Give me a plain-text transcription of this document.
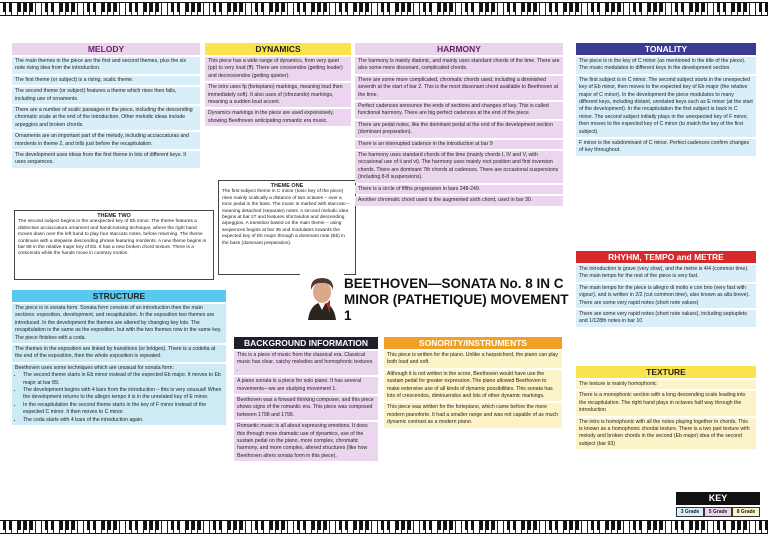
MELODY
The main themes in the piece are the first and second themes, plus the six note rising idea from the introduction.
The first theme (or subject) is a rising, scalic theme.
The second theme (or subject) features a theme which rises then falls, including use of ornaments.
There are a number of scalic passages in the piece, including the descending chromatic scale at the end of the introduction. Other melodic ideas include arpeggios and broken chords.
Ornaments are an important part of the melody, including acciaccaturas and mordents in theme 2, and trills just before the recapitulation.
The development uses ideas from the first theme in lots of different keys. It uses sequences.
THEME TWO
The second subject begins in the unexpected key of Eb minor. The theme features a distinctive acciaccatura ornament and handcrossing technique, where the right hand moves down over the left hand to play four staccato notes, before returning. The theme continues with a stepwise descending phrase featuring mordents. A new theme begins in bar 88 in the relative major key of Eb. It has a new broken chord texture. There is a crescendo while the hands move in contrary motion.
DYNAMICS
This piece has a wide range of dynamics, from very quiet (pp) to very loud (ff). There are crescendos (getting louder) and decrescendos (getting quieter).
The intro uses fp (fortepiano) markings, meaning loud then immediately soft). It also uses sf (sforzando) markings, meaning a sudden loud accent.
Dynamics markings in the piece are used expressively, showing Beethoven anticipating romantic era music.
THEME ONE
The first subject theme in C minor (tonic key of the piece) rises mainly scalically a distance of two octaves – over a tonic pedal in the bass. The music is marked with staccato – meaning detached (separate) notes. A second melodic idea begins at bar 27 and features sforzandos and descending arpeggios. A transition based on the main theme – using sequences begins at bar 35 and modulates towards the expected key of Eb major through a dominant note (Bb) in the bass (dominant preparation).
HARMONY
The harmony is mainly diatonic, and mainly uses standard chords of the time. There are also some more dissonant, complicated chords.
There are some more complicated, chromatic chords used, including a diminished seventh at the start of bar 2. This is the most dissonant chord available to Beethoven at the time.
Perfect cadences announce the ends of sections and changes of key. This is called functional harmony. There are big perfect cadences at the end of the piece.
There are pedal notes, like the dominant pedal at the end of the development section (dominant preparation).
There is an interrupted cadence in the introduction at bar 9
The harmony uses standard chords of the time (mainly chords I, IV and V, with occasional use of ii and vi). The harmony uses mainly root position and first inversion chords. There are dominant 7th chords at cadences. There are occasional suspensions (including 8-8 suspensions).
There is a circle of fifths progression in bars 248-249.
Another chromatic chord used is the augmented sixth chord, used in bar 30.
TONALITY
The piece is in the key of C minor (as mentioned in the title of the piece). The music modulates to different keys in the development section
The first subject is in C minor. The second subject starts in the unexpected key of Eb minor, then moves to the expected key of Eb major (the relative major of C minor). In the development the piece modulates to many different keys, including distant, unrelated keys such as E minor (at the start of the development). In the recapitulation the first subject is back in C minor. The second subject initially plays in the unexpected key of F minor, then moves to the expected key of C minor (to match the key of the first subject).
F minor is the subdominant of C minor. Perfect cadences confirm changes of key throughout.
RHYHM, TEMPO and METRE
The introduction is grave (very slow), and the metre is 4/4 (common time). The main tempo for the rest of the piece is very fast.
The main tempo for the piece is allegro di molto e con brio (very fast with vigour), and is written in 2/2 (cut common time), also known as alla breve). There are some very rapid notes (short note values)
There are some very rapid notes (short note values), including septuplets and 1/128th notes in bar 10
TEXTURE
The texture is mainly homophonic
There is a monophonic section with a long descending scale leading into the recapitulation. The right hand plays in octaves half way through the introduction
The intro is homophonic with all the notes playing together in chords. This is known as a homophonic chordal texture. There is a two part texture with melody and broken chords in the second (Eb major) idea of the second subject (bar 93)
STRUCTURE
The piece is in sonata form. Sonata form consists of an introduction then the main sections: exposition, development, and recapitulation. In the exposition two themes are introduced. In the development the themes are altered by changing key lots. The recapitulation is the same as the exposition, but with the two themes now in the same key. The piece finishes with a coda.
The themes in the exposition are linked by transitions (or bridges). There is a codetta at the end of the exposition, then the whole exposition is repeated.
Beethoven uses some techniques which are unusual for sonata form:
• The second theme starts in Eb minor instead of the expected Eb major. It moves to Eb major at bar 89.
• The development begins with 4 bars from the introduction – this is very unusual! When the development returns to the allegro tempo it is in the unrelated key of E minor.
• In the recapitulation the second theme starts in the key of F minor instead of the expected C minor. It then moves to C minor.
• The coda starts with 4 bars of the introduction again.
BEETHOVEN—SONATA No. 8 IN C MINOR (PATHETIQUE) MOVEMENT 1
BACKGROUND INFORMATION
This is a piece of music from the classical era. Classical music has clear, catchy melodies and homophonic textures .
A piano sonata is a piece for solo piano. It has several movements—we are studying movement 1.
Beethoven was a forward thinking composer, and this piece shows signs of the romantic era. This piece was composed between 1798 and 1799.
Romantic music is all about expressing emotions. It does this through more dramatic use of dynamics, use of the sustain pedal on the piano, more complex, chromatic harmony, and more complex, altered structures (like how Beethoven alters sonata form in this piece).
SONORITY/INSTRUMENTS
This piece is written for the piano. Unlike a harpsichord, the piano can play both loud and soft.
Although it is not written in the score, Beethoven would have use the sustain pedal for greater expression. The piano allowed Beethoven to make extensive use of all kinds of dynamic possibilities. This sonata has lots of crescendos, diminuendos and lots of other dynamic markings.
This piece was written for the fortepiano, which came before the more modern pianoforte. It had a smaller range and was not capable of as much dynamic contrast as a modern piano.
KEY
3 Grade	5 Grade	8 Grade
